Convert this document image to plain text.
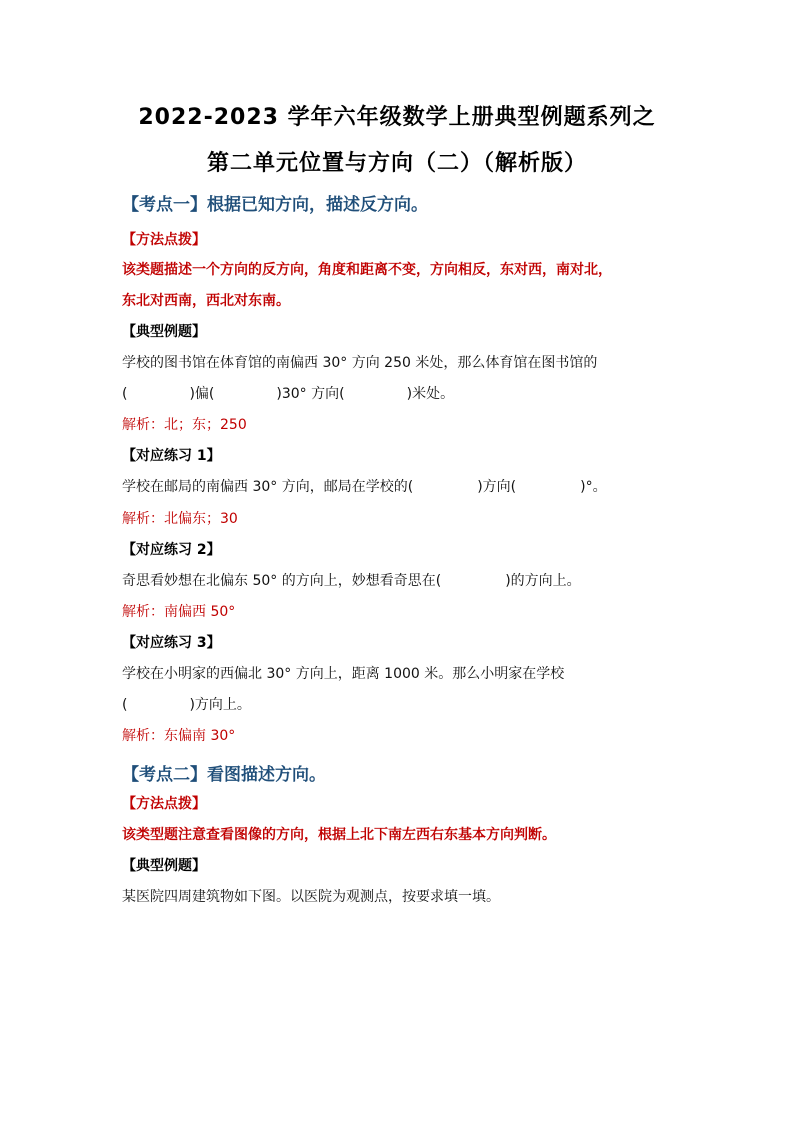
2022-2023 学年六年级数学上册典型例题系列之
第二单元位置与方向（二）（解析版）
【考点一】根据已知方向，描述反方向。
【方法点拨】
该类题描述一个方向的反方向，角度和距离不变，方向相反，东对西，南对北，
东北对西南，西北对东南。
【典型例题】
学校的图书馆在体育馆的南偏西 30° 方向 250 米处，那么体育馆在图书馆的
(	)偏(	)30° 方向(	)米处。
解析：北；东；250
【对应练习 1】
学校在邮局的南偏西 30° 方向，邮局在学校的(	)方向(	)°。
解析：北偏东；30
【对应练习 2】
奇思看妙想在北偏东 50° 的方向上，妙想看奇思在(	)的方向上。
解析：南偏西 50°
【对应练习 3】
学校在小明家的西偏北 30° 方向上，距离 1000 米。那么小明家在学校
(	)方向上。
解析：东偏南 30°
【考点二】看图描述方向。
【方法点拨】
该类型题注意查看图像的方向，根据上北下南左西右东基本方向判断。
【典型例题】
某医院四周建筑物如下图。以医院为观测点，按要求填一填。
